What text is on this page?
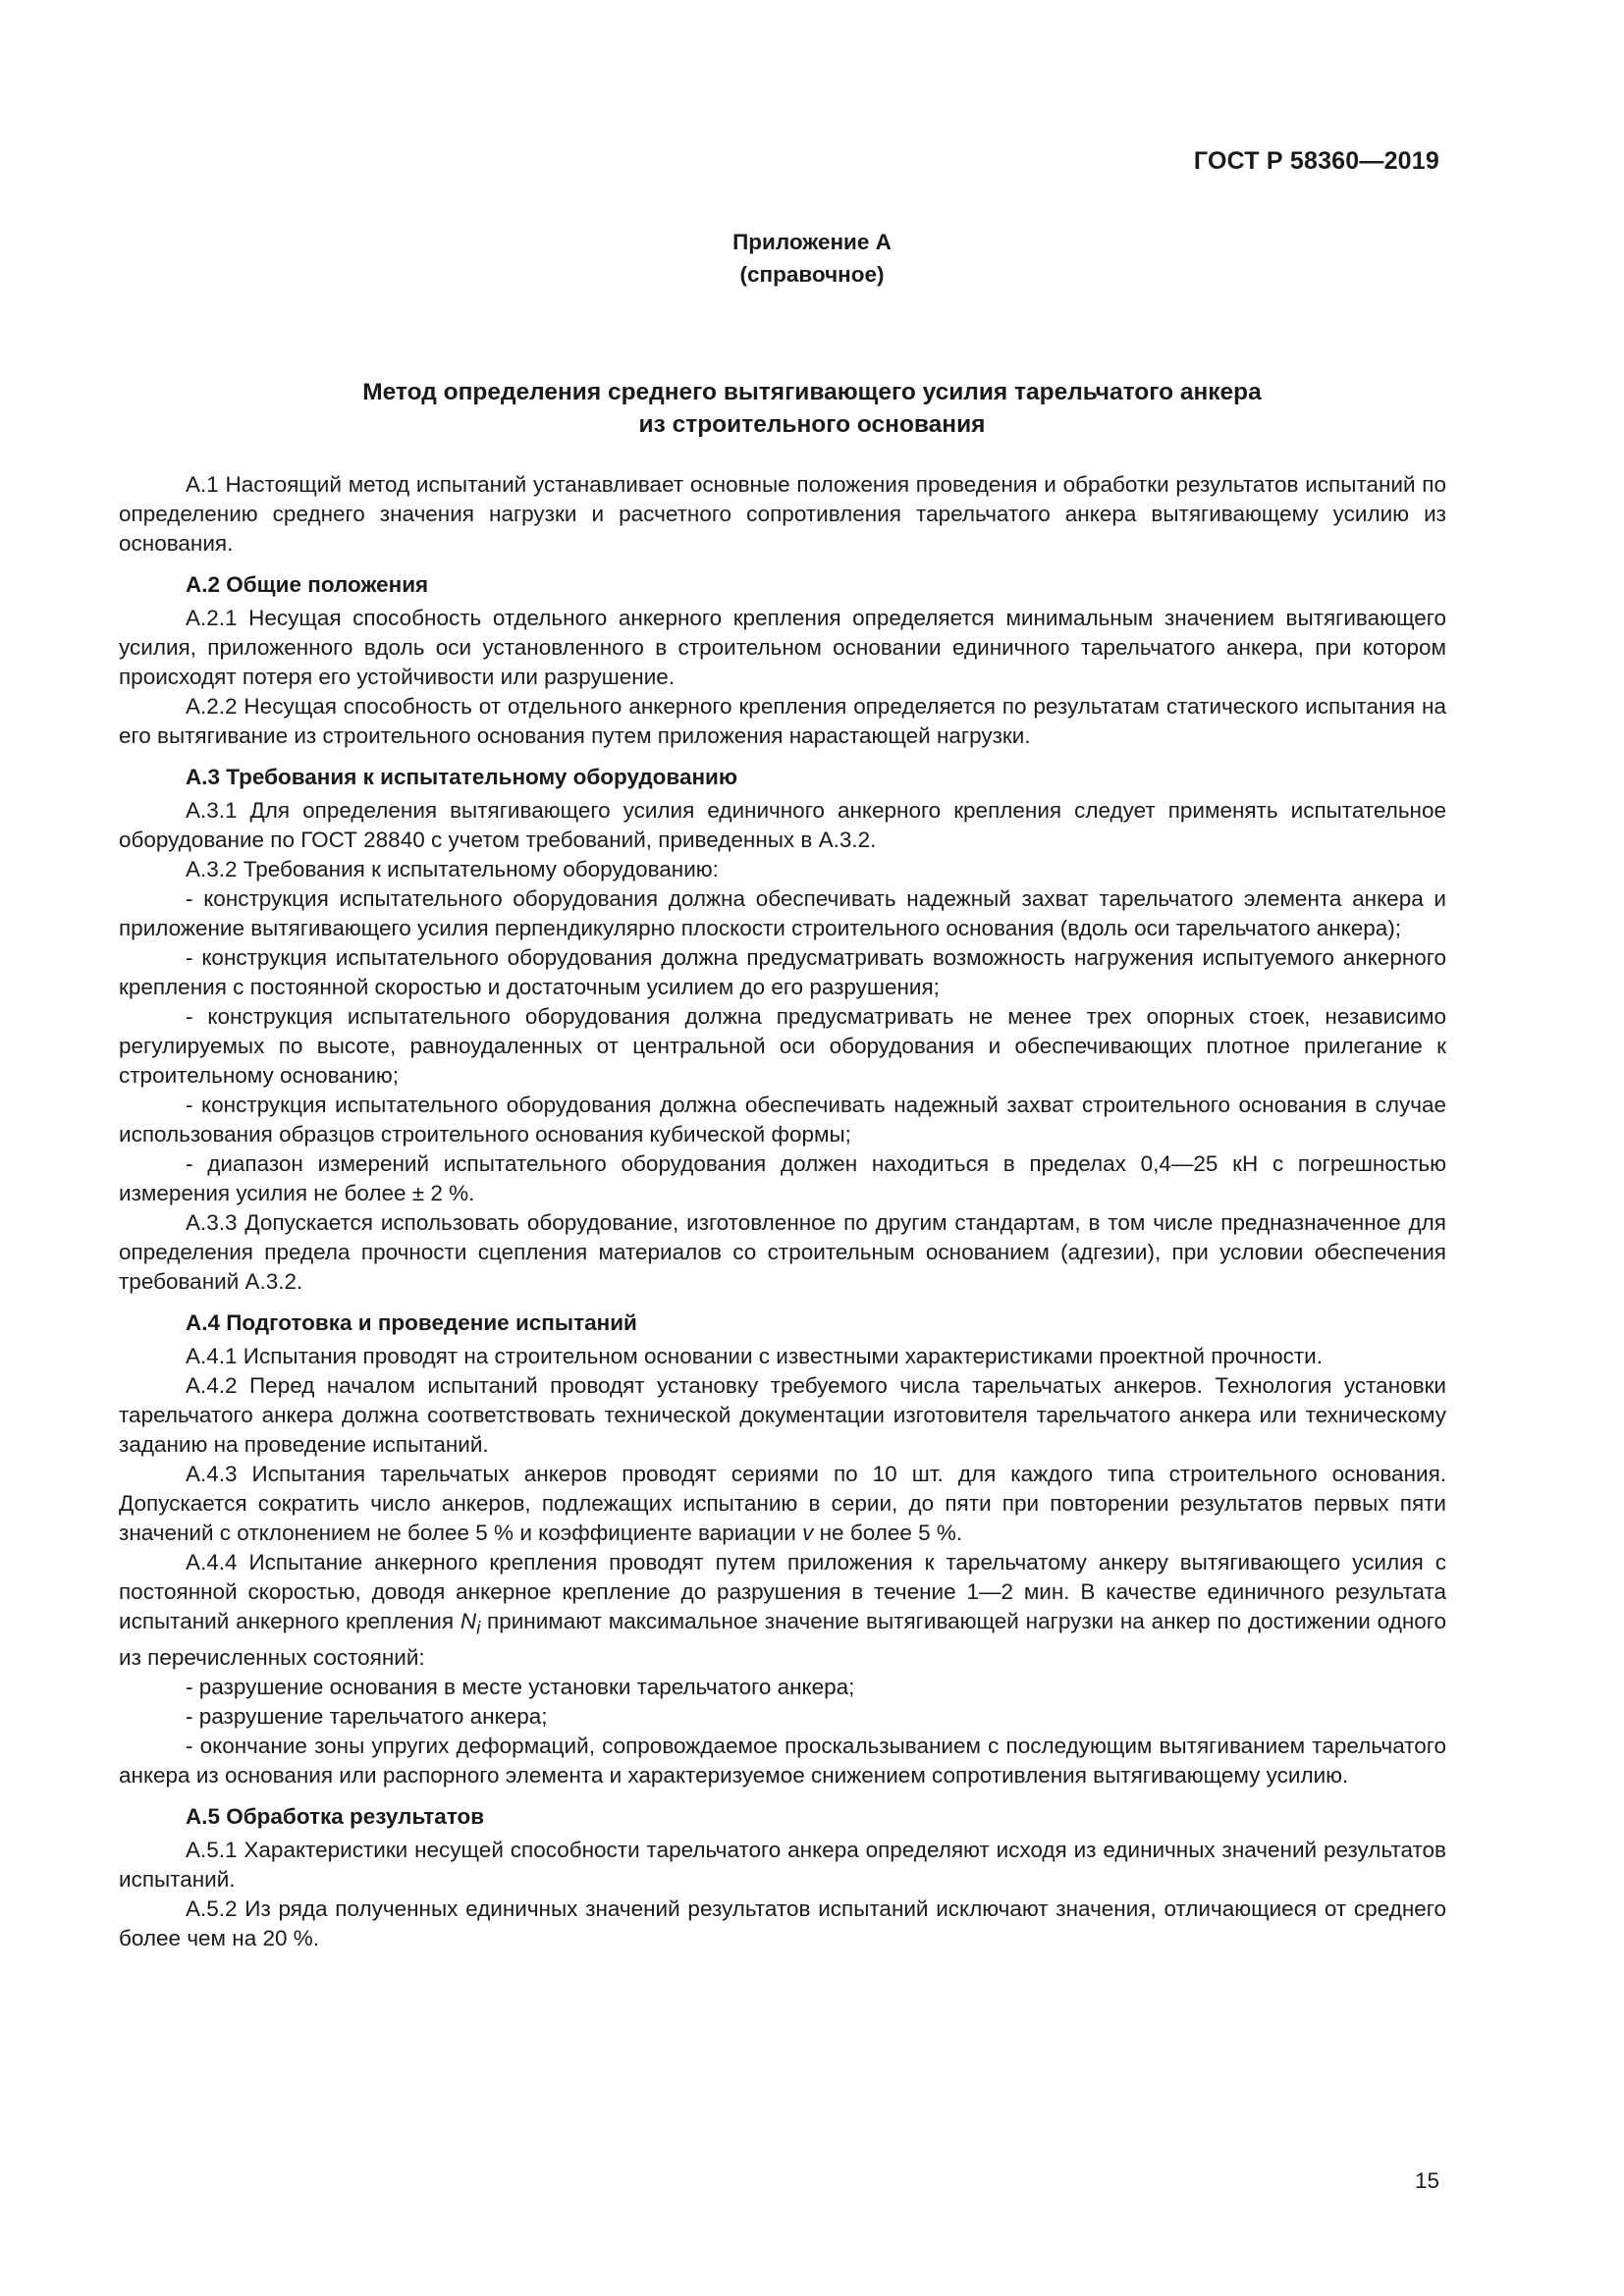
ГОСТ Р 58360—2019
Приложение А
(справочное)
Метод определения среднего вытягивающего усилия тарельчатого анкера
из строительного основания

А.1 Настоящий метод испытаний устанавливает основные положения проведения и обработки результатов испытаний по определению среднего значения нагрузки и расчетного сопротивления тарельчатого анкера вытягивающему усилию из основания.

А.2 Общие положения

А.2.1 Несущая способность отдельного анкерного крепления определяется минимальным значением вытягивающего усилия, приложенного вдоль оси установленного в строительном основании единичного тарельчатого анкера, при котором происходят потеря его устойчивости или разрушение.

А.2.2 Несущая способность от отдельного анкерного крепления определяется по результатам статического испытания на его вытягивание из строительного основания путем приложения нарастающей нагрузки.

А.3 Требования к испытательному оборудованию

А.3.1 Для определения вытягивающего усилия единичного анкерного крепления следует применять испытательное оборудование по ГОСТ 28840 с учетом требований, приведенных в А.3.2.

А.3.2 Требования к испытательному оборудованию:

- конструкция испытательного оборудования должна обеспечивать надежный захват тарельчатого элемента анкера и приложение вытягивающего усилия перпендикулярно плоскости строительного основания (вдоль оси тарельчатого анкера);

- конструкция испытательного оборудования должна предусматривать возможность нагружения испытуемого анкерного крепления с постоянной скоростью и достаточным усилием до его разрушения;

- конструкция испытательного оборудования должна предусматривать не менее трех опорных стоек, независимо регулируемых по высоте, равноудаленных от центральной оси оборудования и обеспечивающих плотное прилегание к строительному основанию;

- конструкция испытательного оборудования должна обеспечивать надежный захват строительного основания в случае использования образцов строительного основания кубической формы;

- диапазон измерений испытательного оборудования должен находиться в пределах 0,4—25 кН с погрешностью измерения усилия не более ± 2 %.

А.3.3 Допускается использовать оборудование, изготовленное по другим стандартам, в том числе предназначенное для определения предела прочности сцепления материалов со строительным основанием (адгезии), при условии обеспечения требований А.3.2.

А.4 Подготовка и проведение испытаний

А.4.1 Испытания проводят на строительном основании с известными характеристиками проектной прочности.

А.4.2 Перед началом испытаний проводят установку требуемого числа тарельчатых анкеров. Технология установки тарельчатого анкера должна соответствовать технической документации изготовителя тарельчатого анкера или техническому заданию на проведение испытаний.

А.4.3 Испытания тарельчатых анкеров проводят сериями по 10 шт. для каждого типа строительного основания. Допускается сократить число анкеров, подлежащих испытанию в серии, до пяти при повторении результатов первых пяти значений с отклонением не более 5 % и коэффициенте вариации v не более 5 %.

А.4.4 Испытание анкерного крепления проводят путем приложения к тарельчатому анкеру вытягивающего усилия с постоянной скоростью, доводя анкерное крепление до разрушения в течение 1—2 мин. В качестве единичного результата испытаний анкерного крепления $N_i$ принимают максимальное значение вытягивающей нагрузки на анкер по достижении одного из перечисленных состояний:

- разрушение основания в месте установки тарельчатого анкера;

- разрушение тарельчатого анкера;

- окончание зоны упругих деформаций, сопровождаемое проскальзыванием с последующим вытягиванием тарельчатого анкера из основания или распорного элемента и характеризуемое снижением сопротивления вытягивающему усилию.

А.5 Обработка результатов

А.5.1 Характеристики несущей способности тарельчатого анкера определяют исходя из единичных значений результатов испытаний.

А.5.2 Из ряда полученных единичных значений результатов испытаний исключают значения, отличающиеся от среднего более чем на 20 %.

15
